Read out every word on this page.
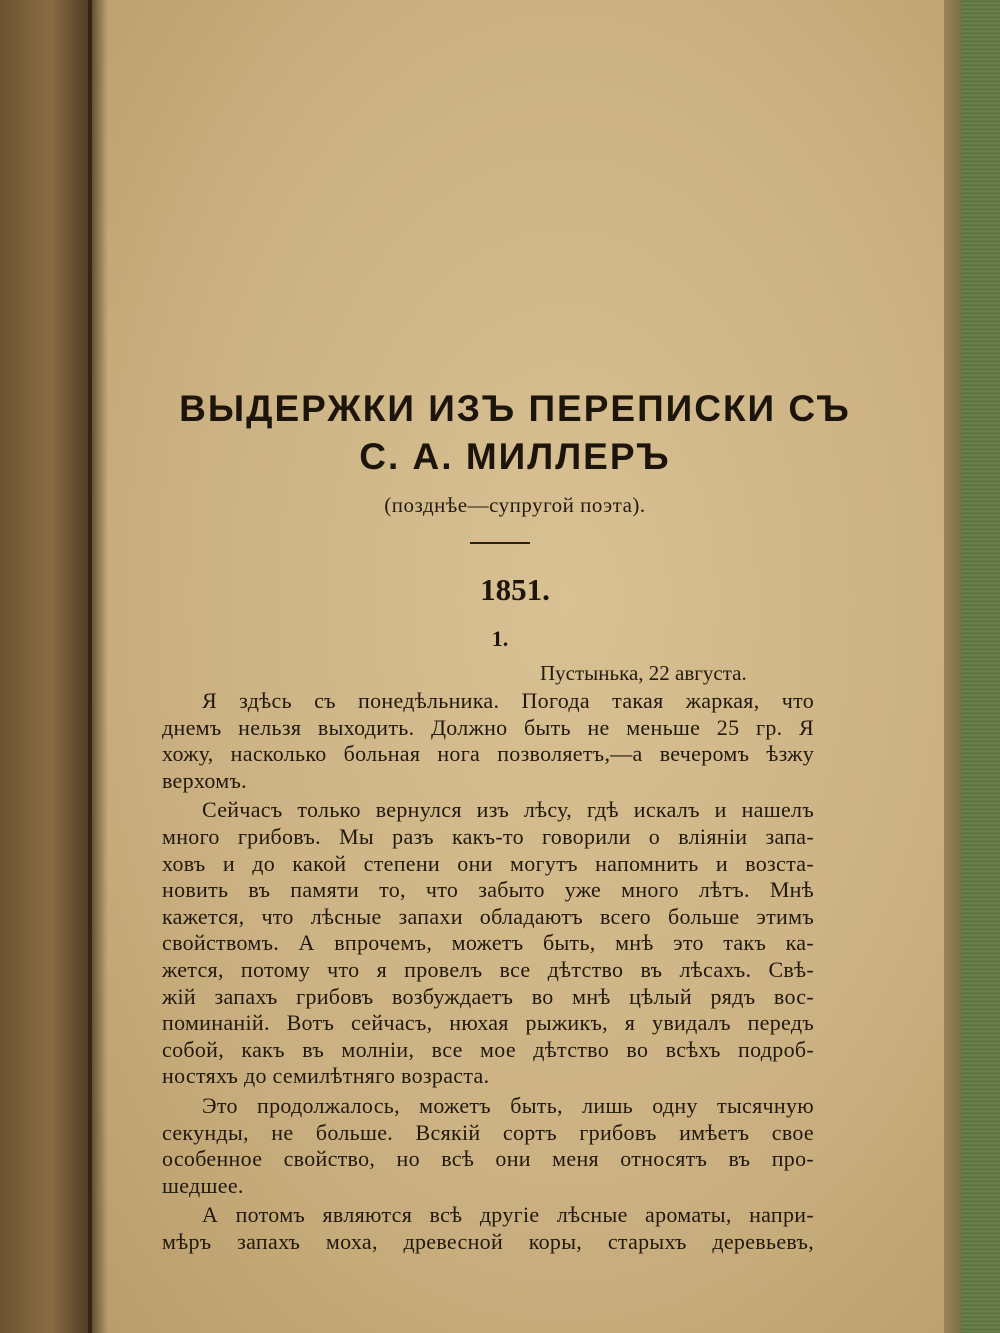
ВЫДЕРЖКИ ИЗЪ ПЕРЕПИСКИ СЪ
С. А. МИЛЛЕРЪ
(позднѣе—супругой поэта).
1851.
1.
Пустынька, 22 августа.
Я здѣсь съ понедѣльника. Погода такая жаркая, что
днемъ нельзя выходить. Должно быть не меньше 25 гр. Я
хожу, насколько больная нога позволяетъ,—а вечеромъ ѣзжу
верхомъ.
Сейчасъ только вернулся изъ лѣсу, гдѣ искалъ и нашелъ
много грибовъ. Мы разъ какъ-то говорили о вліяніи запа-
ховъ и до какой степени они могутъ напомнить и возста-
новить въ памяти то, что забыто уже много лѣтъ. Мнѣ
кажется, что лѣсные запахи обладаютъ всего больше этимъ
свойствомъ. А впрочемъ, можетъ быть, мнѣ это такъ ка-
жется, потому что я провелъ все дѣтство въ лѣсахъ. Свѣ-
жій запахъ грибовъ возбуждаетъ во мнѣ цѣлый рядъ вос-
поминаній. Вотъ сейчасъ, нюхая рыжикъ, я увидалъ передъ
собой, какъ въ молніи, все мое дѣтство во всѣхъ подроб-
ностяхъ до семилѣтняго возраста.
Это продолжалось, можетъ быть, лишь одну тысячную
секунды, не больше. Всякій сортъ грибовъ имѣетъ свое
особенное свойство, но всѣ они меня относятъ въ про-
шедшее.
А потомъ являются всѣ другіе лѣсные ароматы, напри-
мѣръ запахъ моха, древесной коры, старыхъ деревьевъ,
